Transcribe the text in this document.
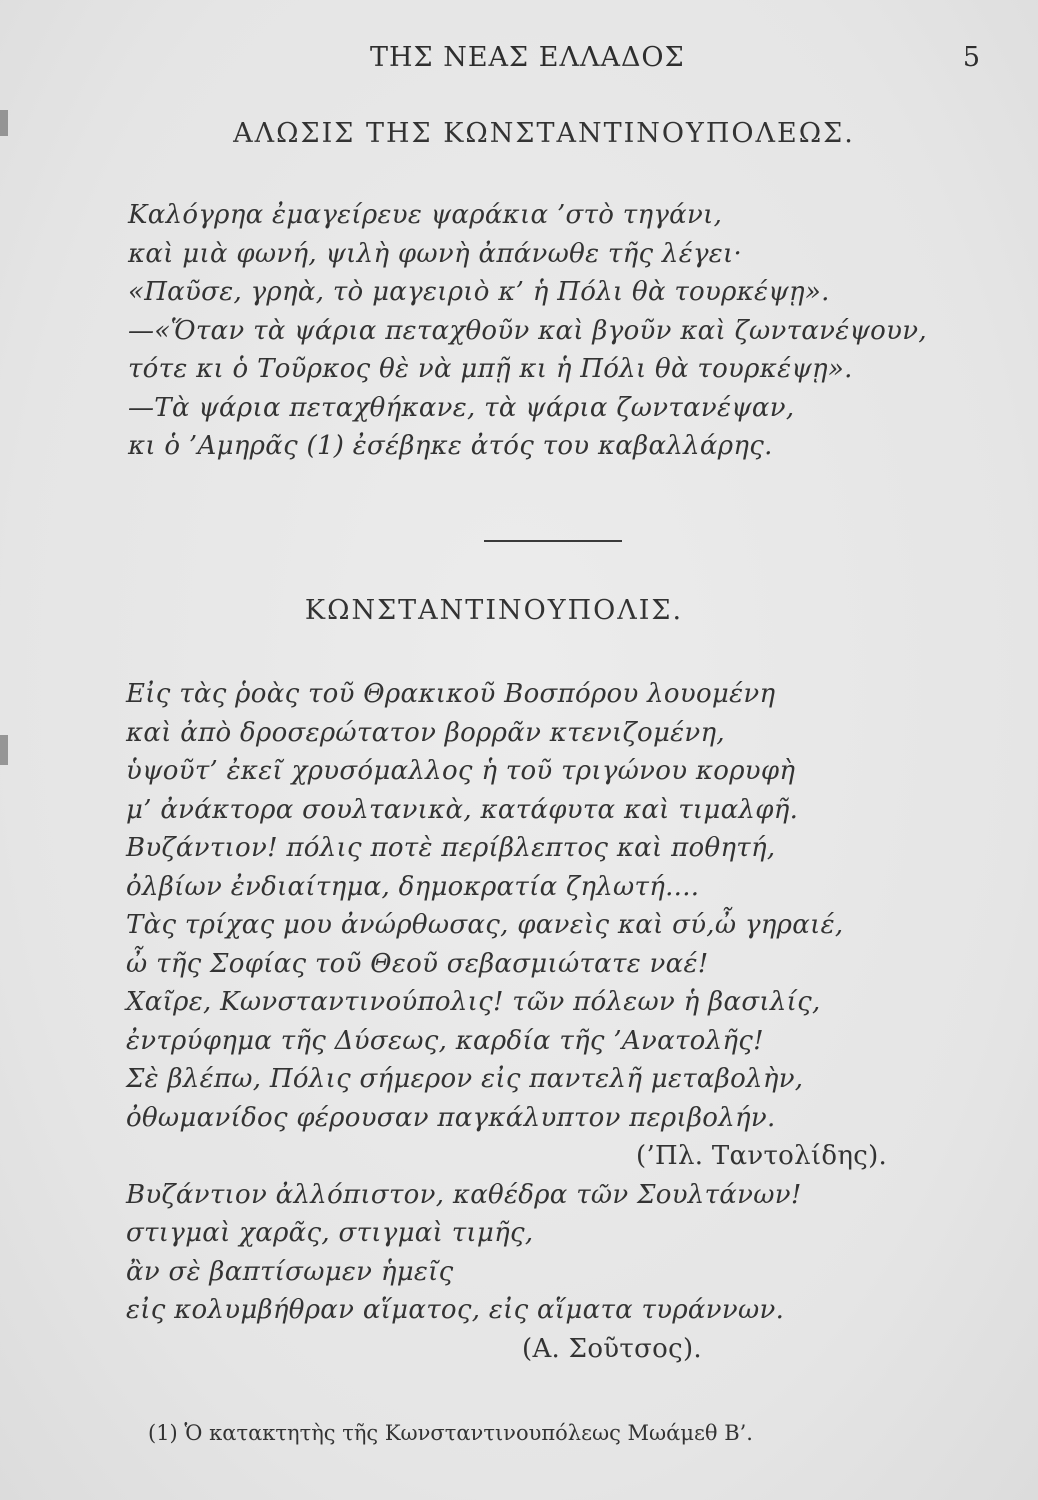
ΤΗΣ ΝΕΑΣ ΕΛΛΑΔΟΣ	5
ΑΛΩΣΙΣ ΤΗΣ ΚΩΝΣΤΑΝΤΙΝΟΥΠΟΛΕΩΣ.
Καλόγρηα ἐμαγείρευε ψαράκια ’στὸ τηγάνι,
καὶ μιὰ φωνή, ψιλὴ φωνὴ ἀπάνωθε τῆς λέγει·
«Παῦσε, γρηὰ, τὸ μαγειριὸ κ’ ἡ Πόλι θὰ τουρκέψῃ».
—«Ὅταν τὰ ψάρια πεταχθοῦν καὶ βγοῦν καὶ ζωντανέψουν,
τότε κι ὁ Τοῦρκος θὲ νὰ μπῇ κι ἡ Πόλι θὰ τουρκέψῃ».
—Τὰ ψάρια πεταχθήκανε, τὰ ψάρια ζωντανέψαν,
κι ὁ ’Αμηρᾶς (1) ἐσέβηκε ἀτός του καβαλλάρης.
ΚΩΝΣΤΑΝΤΙΝΟΥΠΟΛΙΣ.
Εἰς τὰς ῥοὰς τοῦ Θρακικοῦ Βοσπόρου λουομένη
καὶ ἀπὸ δροσερώτατον βορρᾶν κτενιζομένη,
ὑψοῦτ’ ἐκεῖ χρυσόμαλλος ἡ τοῦ τριγώνου κορυφὴ
μ’ ἀνάκτορα σουλτανικὰ, κατάφυτα καὶ τιμαλφῆ.
Βυζάντιον! πόλις ποτὲ περίβλεπτος καὶ ποθητή,
ὀλβίων ἐνδιαίτημα, δημοκρατία ζηλωτή....
Τὰς τρίχας μου ἀνώρθωσας, φανεὶς καὶ σύ,ὦ γηραιέ,
ὦ τῆς Σοφίας τοῦ Θεοῦ σεβασμιώτατε ναέ!
Χαῖρε, Κωνσταντινούπολις! τῶν πόλεων ἡ βασιλίς,
ἐντρύφημα τῆς Δύσεως, καρδία τῆς ’Ανατολῆς!
Σὲ βλέπω, Πόλις σήμερον εἰς παντελῆ μεταβολὴν,
ὀθωμανίδος φέρουσαν παγκάλυπτον περιβολήν.
(’Πλ. Ταντολίδης).
Βυζάντιον ἀλλόπιστον, καθέδρα τῶν Σουλτάνων!
στιγμαὶ χαρᾶς, στιγμαὶ τιμῆς,
ἂν σὲ βαπτίσωμεν ἡμεῖς
εἰς κολυμβήθραν αἵματος, εἰς αἵματα τυράννων.
(Α. Σοῦτσος).
(1) Ὁ κατακτητὴς τῆς Κωνσταντινουπόλεως Μωάμεθ Β’.
